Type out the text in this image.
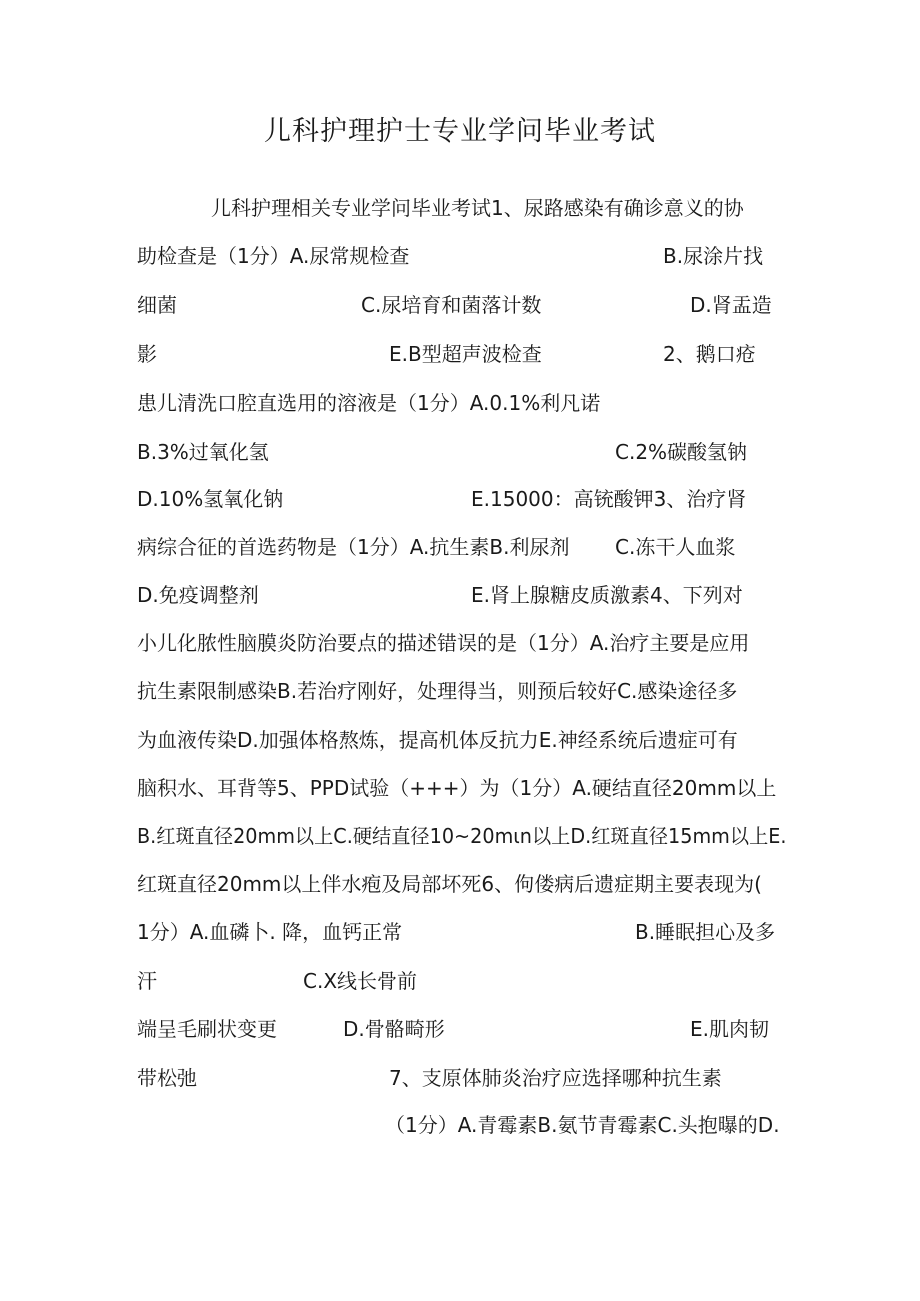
儿科护理护士专业学问毕业考试
儿科护理相关专业学问毕业考试1、尿路感染有确诊意义的协
助检查是（1分）A.尿常规检查	B.尿涂片找
细菌	C.尿培育和菌落计数	D.肾盂造
影	E.B型超声波检查	2、鹅口疮
患儿清洗口腔直选用的溶液是（1分）A.0.1%利凡诺
B.3%过氧化氢	C.2%碳酸氢钠
D.10%氢氧化钠	E.15000：高铳酸钾3、治疗肾
病综合征的首选药物是（1分）A.抗生素B.利尿剂 C.冻干人血浆
D.免疫调整剂	E.肾上腺糖皮质激素4、下列对
小儿化脓性脑膜炎防治要点的描述错误的是（1分）A.治疗主要是应用
抗生素限制感染B.若治疗刚好，处理得当，则预后较好C.感染途径多
为血液传染D.加强体格熬炼，提高机体反抗力E.神经系统后遗症可有
脑积水、耳背等5、PPD试验（+++）为（1分）A.硬结直径20mm以上
B.红斑直径20mm以上C.硬结直径10~20mιn以上D.红斑直径15mm以上E.
红斑直径20mm以上伴水疱及局部坏死6、佝偻病后遗症期主要表现为(
1分）A.血磷卜. 降，血钙正常	B.睡眠担心及多
汗	C.X线长骨前
端呈毛刷状变更	D.骨骼畸形	E.肌肉韧
带松弛	7、支原体肺炎治疗应选择哪种抗生素
（1分）A.青霉素B.氨节青霉素C.头抱曝的D.
